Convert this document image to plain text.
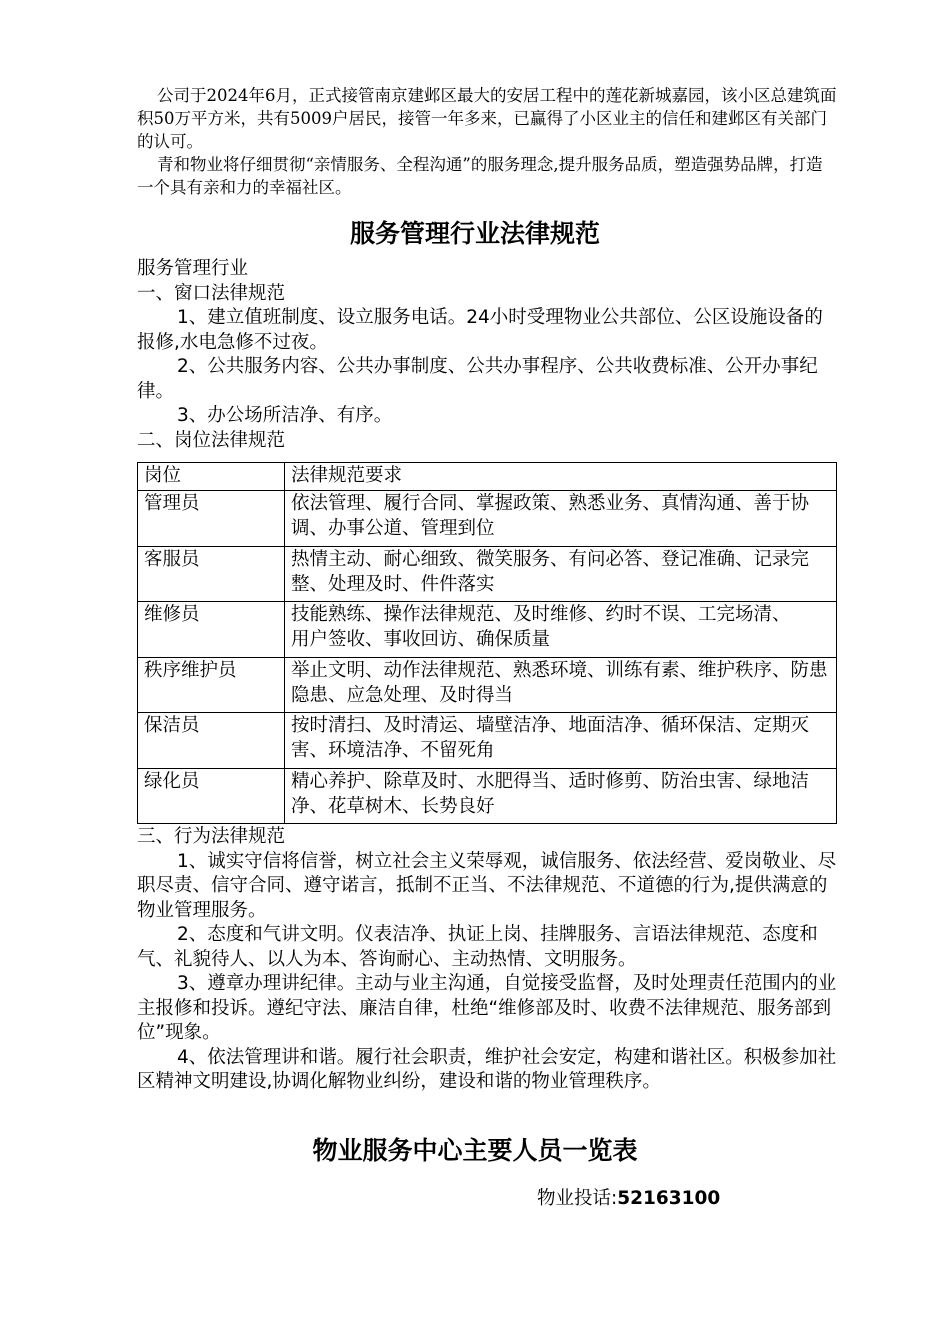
公司于2024年6月，正式接管南京建邺区最大的安居工程中的莲花新城嘉园，该小区总建筑面积50万平方米，共有5009户居民，接管一年多来，已赢得了小区业主的信任和建邺区有关部门的认可。

青和物业将仔细贯彻“亲情服务、全程沟通”的服务理念,提升服务品质，塑造强势品牌，打造一个具有亲和力的幸福社区。

服务管理行业法律规范

服务管理行业

一、窗口法律规范

1、建立值班制度、设立服务电话。24小时受理物业公共部位、公区设施设备的报修,水电急修不过夜。

2、公共服务内容、公共办事制度、公共办事程序、公共收费标准、公开办事纪律。

3、办公场所洁净、有序。

二、岗位法律规范

岗位	法律规范要求
管理员	依法管理、履行合同、掌握政策、熟悉业务、真情沟通、善于协调、办事公道、管理到位
客服员	热情主动、耐心细致、微笑服务、有问必答、登记准确、记录完整、处理及时、件件落实
维修员	技能熟练、操作法律规范、及时维修、约时不误、工完场清、
用户签收、事收回访、确保质量

秩序维护员	举止文明、动作法律规范、熟悉环境、训练有素、维护秩序、防患隐患、应急处理、及时得当
保洁员	按时清扫、及时清运、墙壁洁净、地面洁净、循环保洁、定期灭害、环境洁净、不留死角
绿化员	精心养护、除草及时、水肥得当、适时修剪、防治虫害、绿地洁净、花草树木、长势良好

三、行为法律规范

1、诚实守信将信誉，树立社会主义荣辱观，诚信服务、依法经营、爱岗敬业、尽职尽责、信守合同、遵守诺言，抵制不正当、不法律规范、不道德的行为,提供满意的物业管理服务。

2、态度和气讲文明。仪表洁净、执证上岗、挂牌服务、言语法律规范、态度和气、礼貌待人、以人为本、答询耐心、主动热情、文明服务。

3、遵章办理讲纪律。主动与业主沟通，自觉接受监督，及时处理责任范围内的业主报修和投诉。遵纪守法、廉洁自律，杜绝“维修部及时、收费不法律规范、服务部到位”现象。

4、依法管理讲和谐。履行社会职责，维护社会安定，构建和谐社区。积极参加社区精神文明建设,协调化解物业纠纷，建设和谐的物业管理秩序。

物业服务中心主要人员一览表
物业投话:52163100
